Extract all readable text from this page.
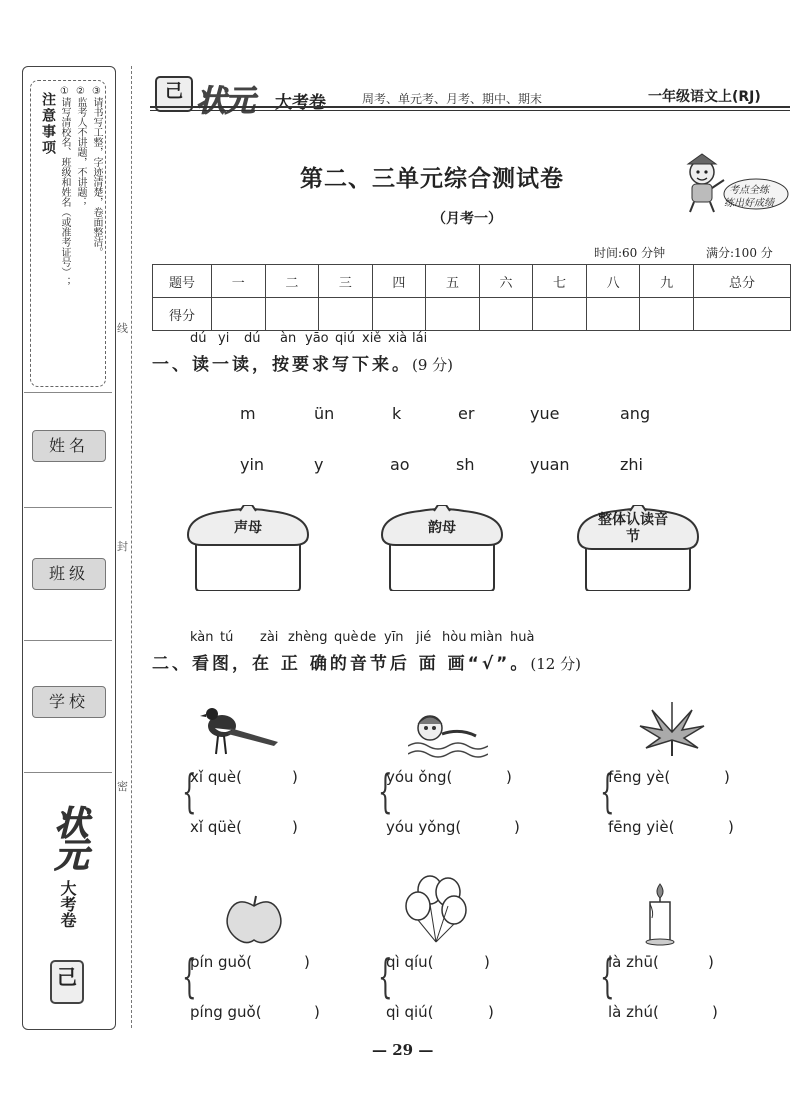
注意事项 ①请写清校名、班级和姓名（或准考证号）； ②监考人不讲题，不讲题； ③请书写工整，字迹清楚，卷面整洁。
姓名
班级
学校
状元
大考卷
己
线
封
密
己 状元 大考卷	周考、单元考、月考、期中、期末	一年级语文上(RJ)
第二、三单元综合测试卷
（月考一）
考点全练
练出好成绩
时间:60 分钟	满分:100 分
题号	一	二	三	四	五	六	七	八	九	总分
得分										
dú yi dú àn yāo qiú xiě xià lái
一、读一读，按要求写下来。(9 分)
m	ün	k	er	yue	ang
yin	y	ao	sh	yuan	zhi
声母	韵母	整体认读音节
kàn tú zài zhèng què de yīn jié hòu miàn huà
二、看图，在 正 确的音节后 面 画“√”。(12 分)
{
xǐ què(	)
xǐ qüè(	)
{
yóu ǒng(	)
yóu yǒng(	)
{
fēng yè(	)
fēng yiè(	)
{
pín guǒ(	)
píng guǒ(	)
{
qì qíu(	)
qì qiú(	)
{
là zhū(	)
là zhú(	)
— 29 —
